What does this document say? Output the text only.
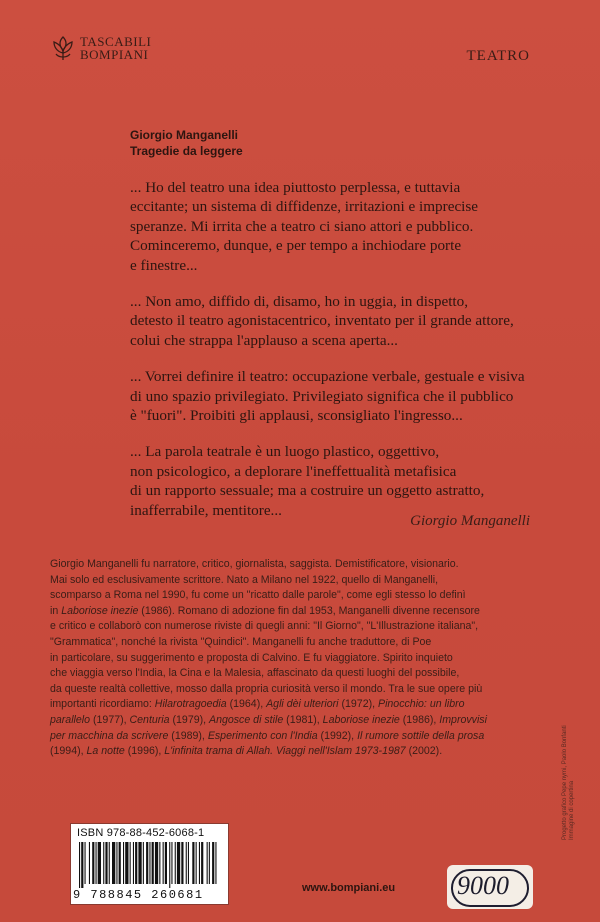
TASCABILI
BOMPIANI	TEATRO
Giorgio Manganelli
Tragedie da leggere

... Ho del teatro una idea piuttosto perplessa, e tuttavia
eccitante; un sistema di diffidenze, irritazioni e imprecise
speranze. Mi irrita che a teatro ci siano attori e pubblico.
Cominceremo, dunque, e per tempo a inchiodare porte
e finestre...

... Non amo, diffido di, disamo, ho in uggia, in dispetto,
detesto il teatro agonistacentrico, inventato per il grande attore,
colui che strappa l'applauso a scena aperta...

... Vorrei definire il teatro: occupazione verbale, gestuale e visiva
di uno spazio privilegiato. Privilegiato significa che il pubblico
è "fuori". Proibiti gli applausi, sconsigliato l'ingresso...

... La parola teatrale è un luogo plastico, oggettivo,
non psicologico, a deplorare l'ineffettualità metafisica
di un rapporto sessuale; ma a costruire un oggetto astratto,
inafferrabile, mentitore...

Giorgio Manganelli
Giorgio Manganelli fu narratore, critico, giornalista, saggista. Demistificatore, visionario.
Mai solo ed esclusivamente scrittore. Nato a Milano nel 1922, quello di Manganelli,
scomparso a Roma nel 1990, fu come un "ricatto dalle parole", come egli stesso lo definì
in Laboriose inezie (1986). Romano di adozione fin dal 1953, Manganelli divenne recensore
e critico e collaborò con numerose riviste di quegli anni: "Il Giorno", "L'Illustrazione italiana",
"Grammatica", nonché la rivista "Quindici". Manganelli fu anche traduttore, di Poe
in particolare, su suggerimento e proposta di Calvino. E fu viaggiatore. Spirito inquieto
che viaggia verso l'India, la Cina e la Malesia, affascinato da questi luoghi del possibile,
da queste realtà collettive, mosso dalla propria curiosità verso il mondo. Tra le sue opere più
importanti ricordiamo: Hilarotragoedia (1964), Agli dèi ulteriori (1972), Pinocchio: un libro
parallelo (1977), Centuria (1979), Angosce di stile (1981), Laboriose inezie (1986), Improvvisi
per macchina da scrivere (1989), Esperimento con l'India (1992), Il rumore sottile della prosa
(1994), La notte (1996), L'infinita trama di Allah. Viaggi nell'Islam 1973-1987 (2002).
ISBN 978-88-452-6068-1
9 788845 260681	www.bompiani.eu 9000
Progetto grafico Pepe nymi, Paolo Bonfanti Immagine di copertina
